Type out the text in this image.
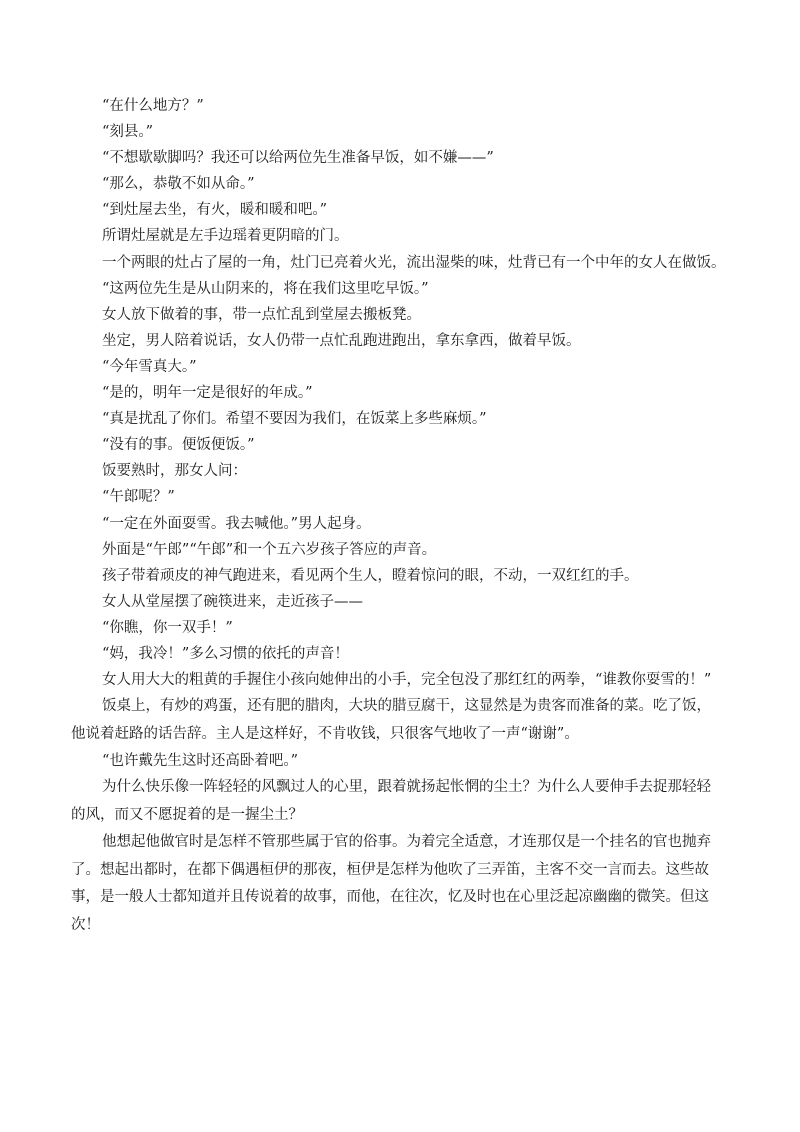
“在什么地方？”

“刻县。”

“不想歇歇脚吗？我还可以给两位先生准备早饭，如不嫌——”

“那么，恭敬不如从命。”

“到灶屋去坐，有火，暖和暖和吧。”

所谓灶屋就是左手边瑶着更阴暗的门。

一个两眼的灶占了屋的一角，灶门已亮着火光，流出湿柴的味，灶背已有一个中年的女人在做饭。

“这两位先生是从山阴来的，将在我们这里吃早饭。”

女人放下做着的事，带一点忙乱到堂屋去搬板凳。

坐定，男人陪着说话，女人仍带一点忙乱跑进跑出，拿东拿西，做着早饭。

“今年雪真大。”

“是的，明年一定是很好的年成。”

“真是扰乱了你们。希望不要因为我们，在饭菜上多些麻烦。”

“没有的事。便饭便饭。”

饭要熟时，那女人问：

“午郎呢？”

“一定在外面耍雪。我去喊他。”男人起身。

外面是“午郎”“午郎”和一个五六岁孩子答应的声音。

孩子带着顽皮的神气跑进来，看见两个生人，瞪着惊问的眼，不动，一双红红的手。

女人从堂屋摆了碗筷进来，走近孩子——

“你瞧，你一双手！”

“妈，我冷！”多么习惯的依托的声音！

女人用大大的粗黄的手握住小孩向她伸出的小手，完全包没了那红红的两拳，“谁教你耍雪的！”

饭桌上，有炒的鸡蛋，还有肥的腊肉，大块的腊豆腐干，这显然是为贵客而准备的菜。吃了饭，他说着赶路的话告辞。主人是这样好，不肯收钱，只很客气地收了一声“谢谢”。

“也许戴先生这时还高卧着吧。”

为什么快乐像一阵轻轻的风飘过人的心里，跟着就扬起怅惘的尘土？为什么人要伸手去捉那轻轻的风，而又不愿捉着的是一握尘土？

他想起他做官时是怎样不管那些属于官的俗事。为着完全适意，才连那仅是一个挂名的官也抛弃了。想起出都时，在都下偶遇桓伊的那夜，桓伊是怎样为他吹了三弄笛，主客不交一言而去。这些故事，是一般人士都知道并且传说着的故事，而他，在往次，忆及时也在心里泛起凉幽幽的微笑。但这次！
